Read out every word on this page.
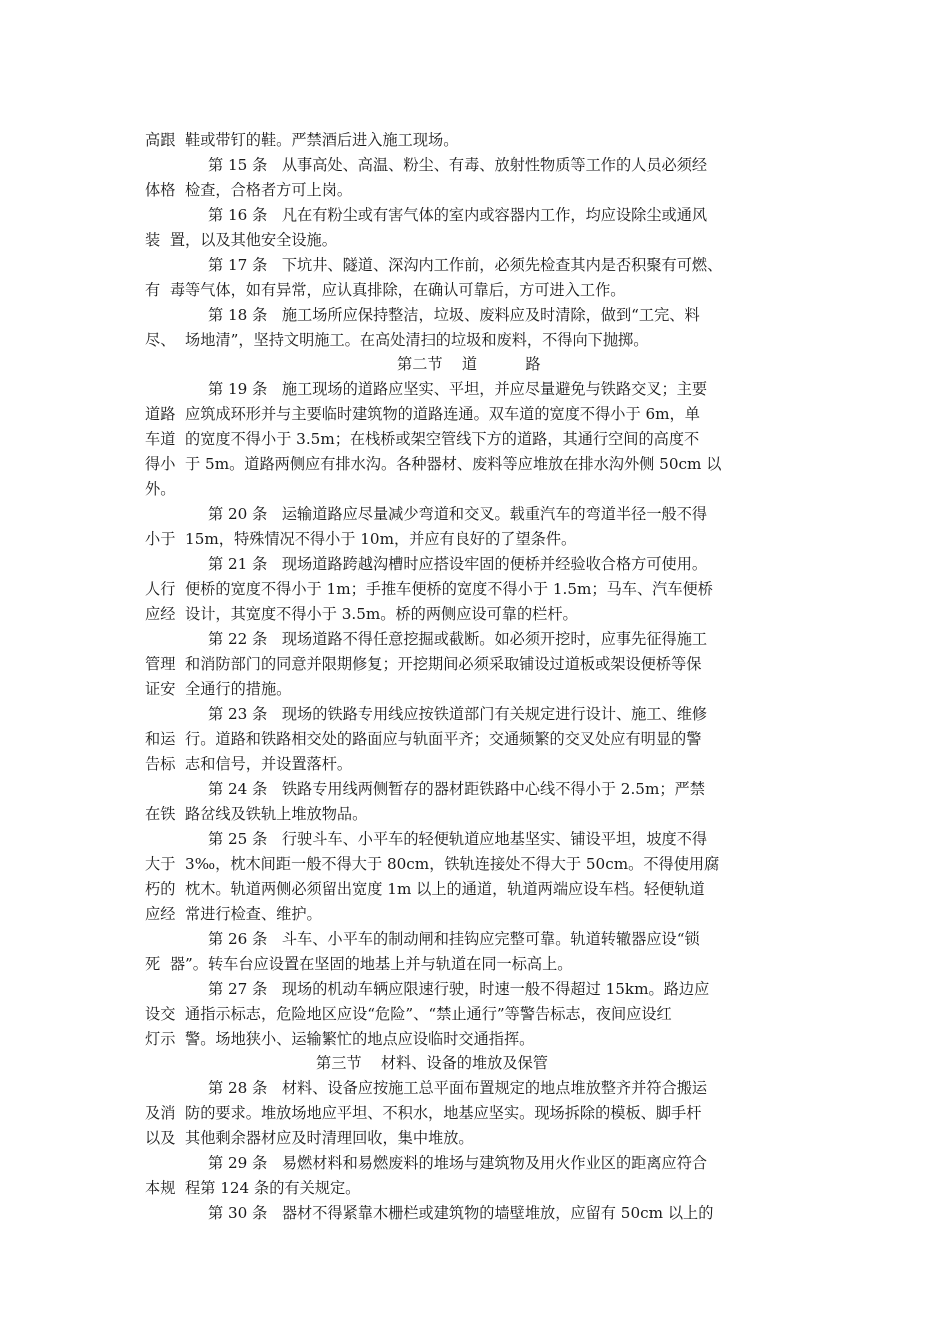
高跟  鞋或带钉的鞋。严禁酒后进入施工现场。
第 15 条   从事高处、高温、粉尘、有毒、放射性物质等工作的人员必须经
体格  检查，合格者方可上岗。
第 16 条   凡在有粉尘或有害气体的室内或容器内工作，均应设除尘或通风
装  置，以及其他安全设施。
第 17 条   下坑井、隧道、深沟内工作前，必须先检查其内是否积聚有可燃、
有  毒等气体，如有异常，应认真排除，在确认可靠后，方可进入工作。
第 18 条   施工场所应保持整洁，垃圾、废料应及时清除，做到“工完、料
尽、  场地清”，坚持文明施工。在高处清扫的垃圾和废料，不得向下抛掷。
第二节    道          路
第 19 条   施工现场的道路应坚实、平坦，并应尽量避免与铁路交叉；主要
道路  应筑成环形并与主要临时建筑物的道路连通。双车道的宽度不得小于 6m，单
车道  的宽度不得小于 3.5m；在栈桥或架空管线下方的道路，其通行空间的高度不
得小  于 5m。道路两侧应有排水沟。各种器材、废料等应堆放在排水沟外侧 50cm 以
外。
第 20 条   运输道路应尽量减少弯道和交叉。载重汽车的弯道半径一般不得
小于  15m，特殊情况不得小于 10m，并应有良好的了望条件。
第 21 条   现场道路跨越沟槽时应搭设牢固的便桥并经验收合格方可使用。
人行  便桥的宽度不得小于 1m；手推车便桥的宽度不得小于 1.5m；马车、汽车便桥
应经  设计，其宽度不得小于 3.5m。桥的两侧应设可靠的栏杆。
第 22 条   现场道路不得任意挖掘或截断。如必须开挖时，应事先征得施工
管理  和消防部门的同意并限期修复；开挖期间必须采取铺设过道板或架设便桥等保
证安  全通行的措施。
第 23 条   现场的铁路专用线应按铁道部门有关规定进行设计、施工、维修
和运  行。道路和铁路相交处的路面应与轨面平齐；交通频繁的交叉处应有明显的警
告标  志和信号，并设置落杆。
第 24 条   铁路专用线两侧暂存的器材距铁路中心线不得小于 2.5m；严禁
在铁  路岔线及铁轨上堆放物品。
第 25 条   行驶斗车、小平车的轻便轨道应地基坚实、铺设平坦，坡度不得
大于  3‰，枕木间距一般不得大于 80cm，铁轨连接处不得大于 50cm。不得使用腐
朽的  枕木。轨道两侧必须留出宽度 1m 以上的通道，轨道两端应设车档。轻便轨道
应经  常进行检查、维护。
第 26 条   斗车、小平车的制动闸和挂钩应完整可靠。轨道转辙器应设“锁
死  器”。转车台应设置在坚固的地基上并与轨道在同一标高上。
第 27 条   现场的机动车辆应限速行驶，时速一般不得超过 15km。路边应
设交  通指示标志，危险地区应设“危险”、“禁止通行”等警告标志，夜间应设红
灯示  警。场地狭小、运输繁忙的地点应设临时交通指挥。
第三节    材料、设备的堆放及保管
第 28 条   材料、设备应按施工总平面布置规定的地点堆放整齐并符合搬运
及消  防的要求。堆放场地应平坦、不积水，地基应坚实。现场拆除的模板、脚手杆
以及  其他剩余器材应及时清理回收，集中堆放。
第 29 条   易燃材料和易燃废料的堆场与建筑物及用火作业区的距离应符合
本规  程第 124 条的有关规定。
第 30 条   器材不得紧靠木栅栏或建筑物的墙壁堆放，应留有 50cm 以上的
